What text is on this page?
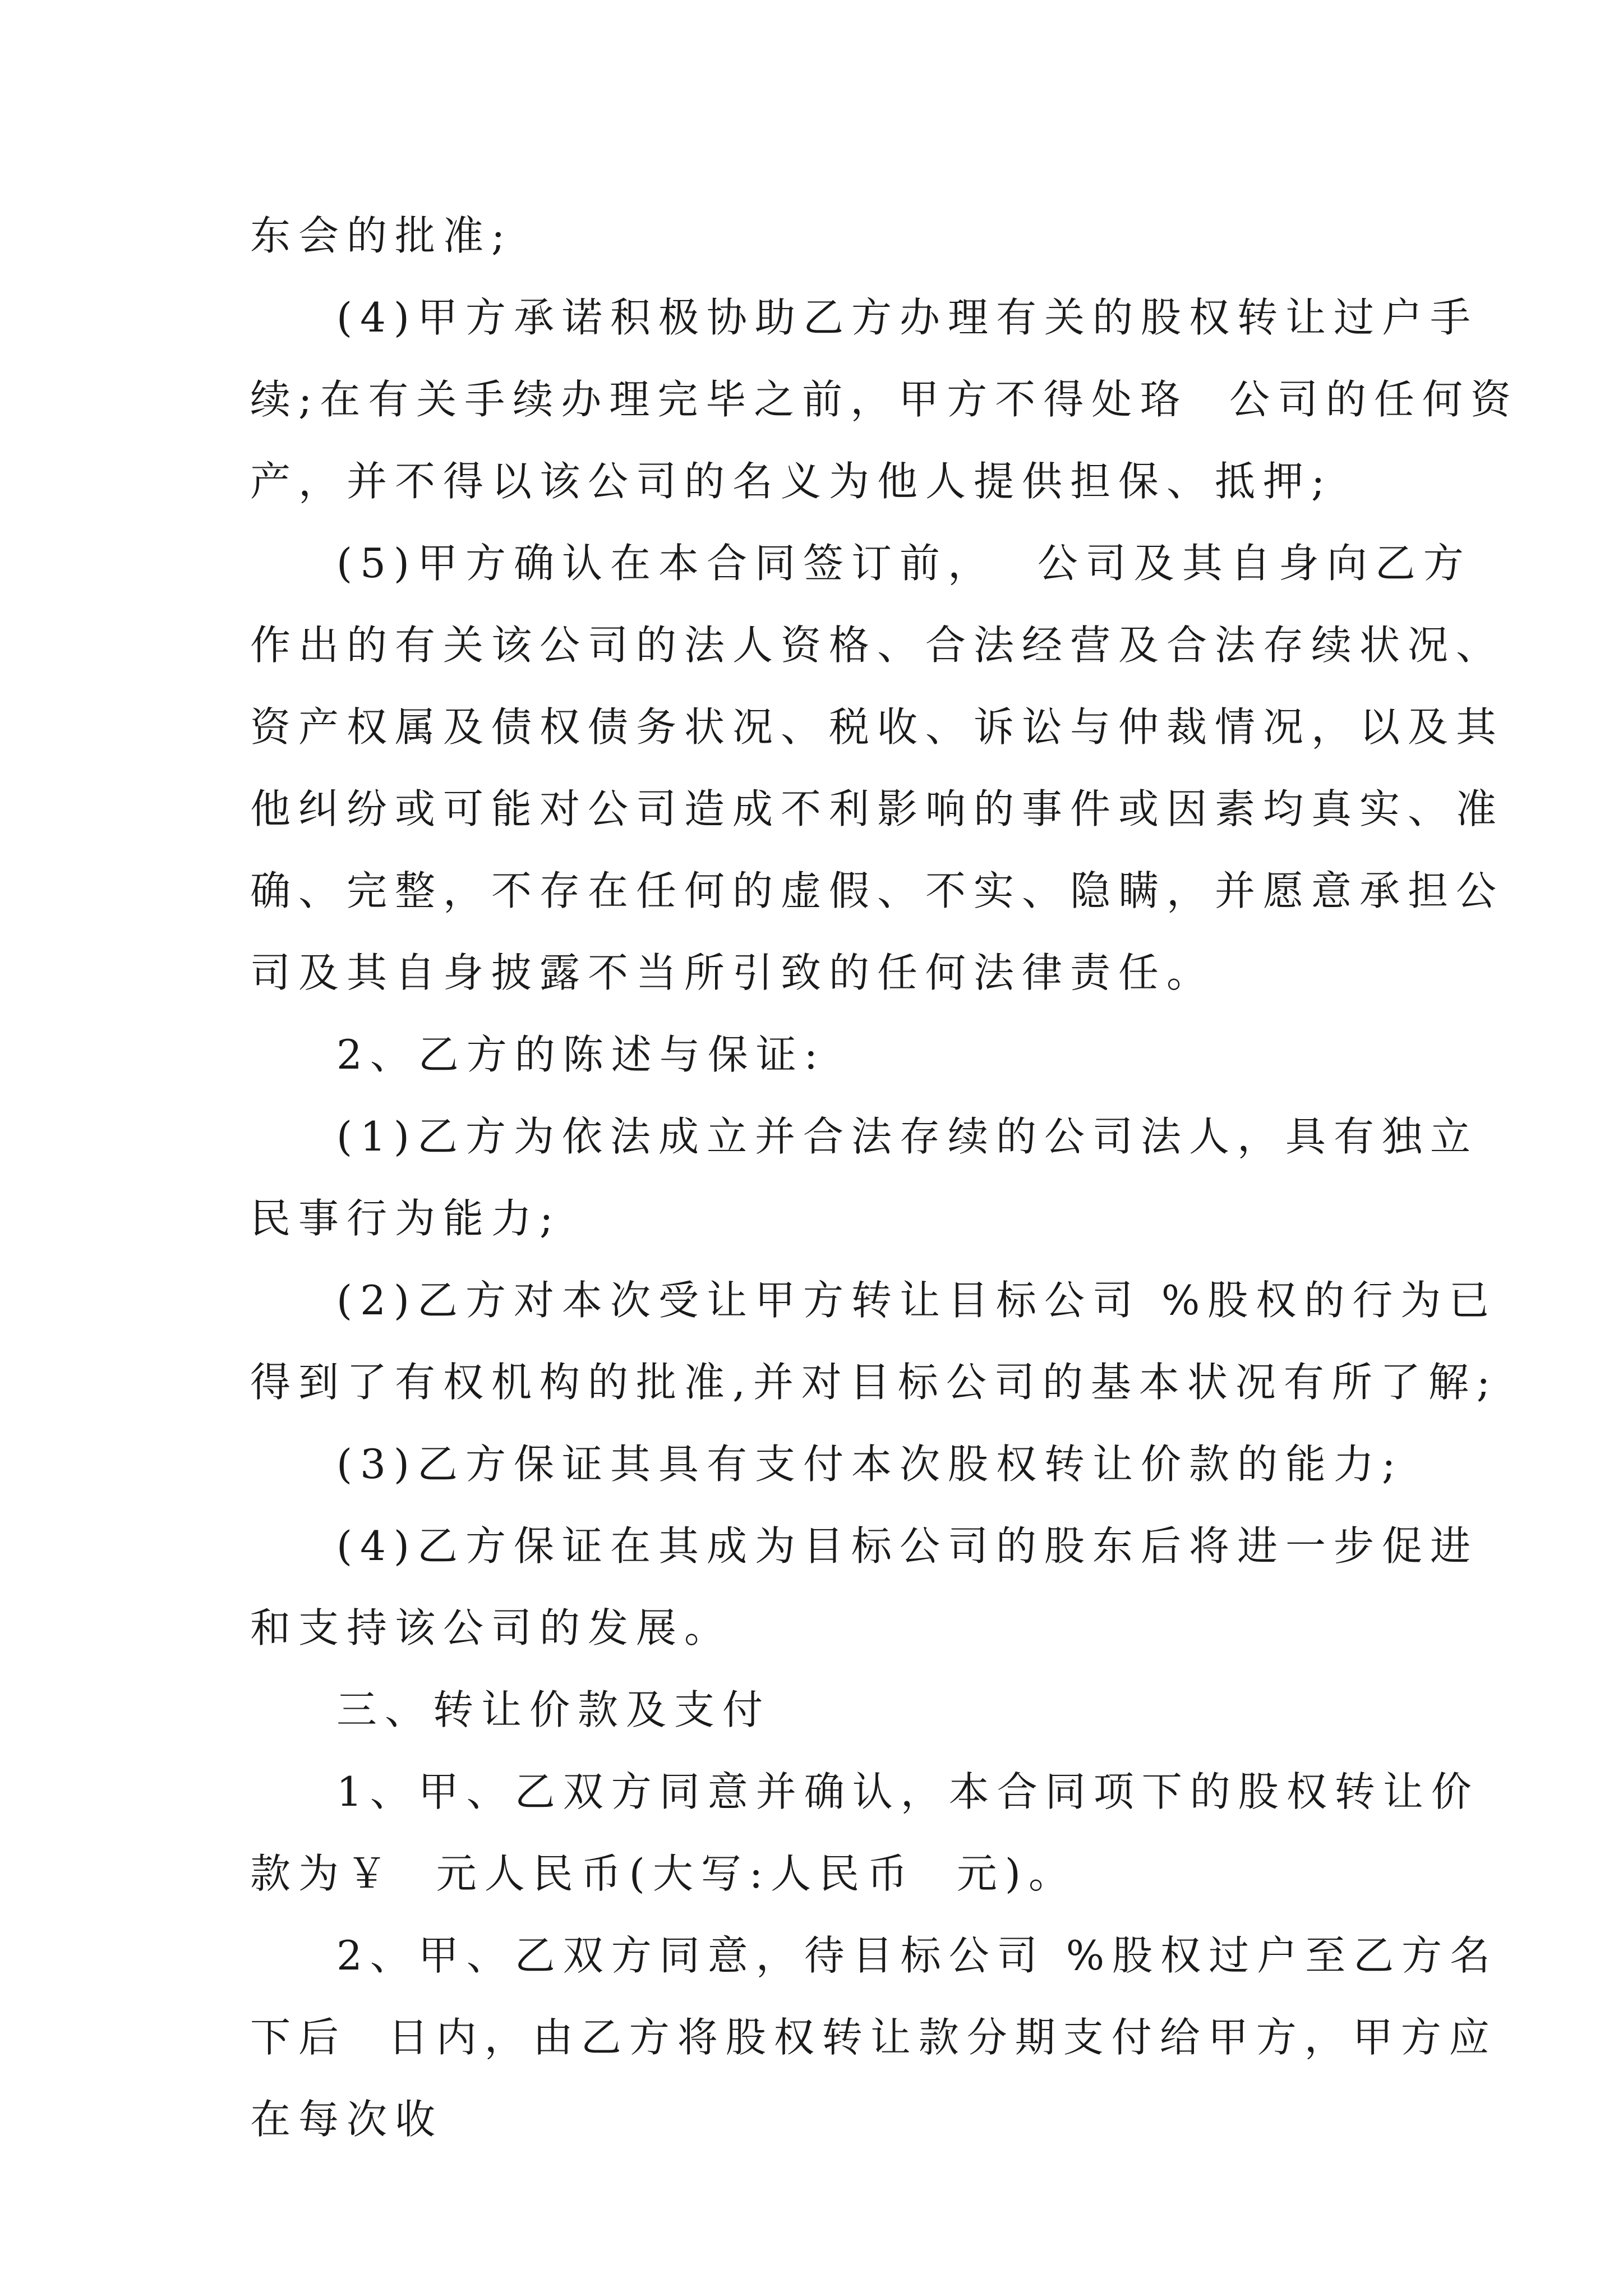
东会的批准;
(4)甲方承诺积极协助乙方办理有关的股权转让过户手
续;在有关手续办理完毕之前，甲方不得处珞  公司的任何资
产，并不得以该公司的名义为他人提供担保、抵押;
(5)甲方确认在本合同签订前，  公司及其自身向乙方
作出的有关该公司的法人资格、合法经营及合法存续状况、
资产权属及债权债务状况、税收、诉讼与仲裁情况，以及其
他纠纷或可能对公司造成不利影响的事件或因素均真实、准
确、完整，不存在任何的虚假、不实、隐瞒，并愿意承担公
司及其自身披露不当所引致的任何法律责任。
2、乙方的陈述与保证:
(1)乙方为依法成立并合法存续的公司法人，具有独立
民事行为能力;
(2)乙方对本次受让甲方转让目标公司 %股权的行为已
得到了有权机构的批准,并对目标公司的基本状况有所了解;
(3)乙方保证其具有支付本次股权转让价款的能力;
(4)乙方保证在其成为目标公司的股东后将进一步促进
和支持该公司的发展。
三、转让价款及支付
1、甲、乙双方同意并确认，本合同项下的股权转让价
款为￥  元人民币(大写:人民币  元)。
2、甲、乙双方同意，待目标公司 %股权过户至乙方名
下后  日内，由乙方将股权转让款分期支付给甲方，甲方应
在每次收
